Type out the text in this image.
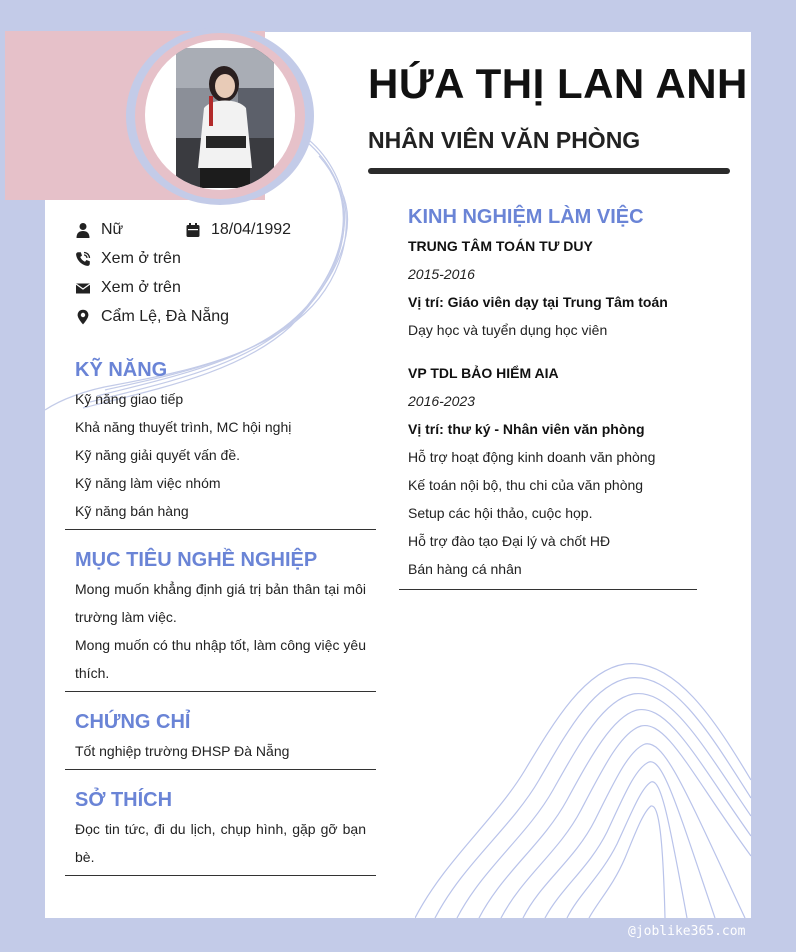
HỨA THỊ LAN ANH
NHÂN VIÊN VĂN PHÒNG
Nữ	18/04/1992
Xem ở trên
Xem ở trên
Cẩm Lệ, Đà Nẵng
KỸ NĂNG

Kỹ năng giao tiếp

Khả năng thuyết trình, MC hội nghị

Kỹ năng giải quyết vấn đề.

Kỹ năng làm việc nhóm

Kỹ năng bán hàng

MỤC TIÊU NGHỀ NGHIỆP

Mong muốn khẳng định giá trị bản thân tại môi trường làm việc.

Mong muốn có thu nhập tốt, làm công việc yêu thích.

CHỨNG CHỈ

Tốt nghiệp trường ĐHSP Đà Nẵng

SỞ THÍCH

Đọc tin tức, đi du lịch, chụp hình, gặp gỡ bạn bè.

KINH NGHIỆM LÀM VIỆC

TRUNG TÂM TOÁN TƯ DUY

2015-2016

Vị trí: Giáo viên dạy tại Trung Tâm toán

Dạy học và tuyển dụng học viên

VP TDL BẢO HIỂM AIA

2016-2023

Vị trí: thư ký - Nhân viên văn phòng

Hỗ trợ hoạt động kinh doanh văn phòng

Kế toán nội bộ, thu chi của văn phòng

Setup các hội thảo, cuộc họp.

Hỗ trợ đào tạo Đại lý và chốt HĐ

Bán hàng cá nhân

@joblike365.com
